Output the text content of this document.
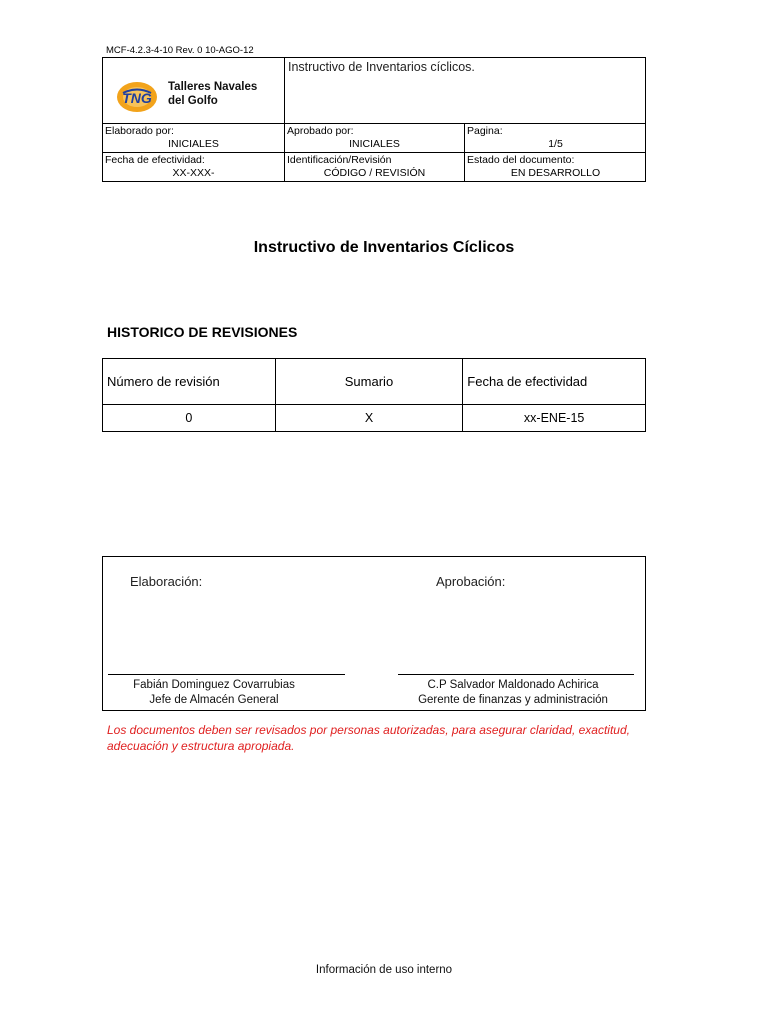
MCF-4.2.3-4-10 Rev. 0 10-AGO-12
TNG
Talleres Navales
del Golfo
Instructivo de Inventarios cíclicos.
Elaborado por:
INICIALES
Aprobado por:
INICIALES
Pagina:
1/5
Fecha de efectividad:
XX-XXX-
Identificación/Revisión
CÓDIGO / REVISIÓN
Estado del documento:
EN DESARROLLO
Instructivo de Inventarios Cíclicos
HISTORICO DE REVISIONES
Número de revisión	Sumario	Fecha de efectividad
0	X	xx-ENE-15
Elaboración:	Aprobación:
Fabián Dominguez Covarrubias
Jefe de Almacén General
C.P Salvador Maldonado Achirica
Gerente de finanzas y administración
Los documentos deben ser revisados por personas autorizadas, para asegurar claridad, exactitud, adecuación y estructura apropiada.
Información de uso interno
